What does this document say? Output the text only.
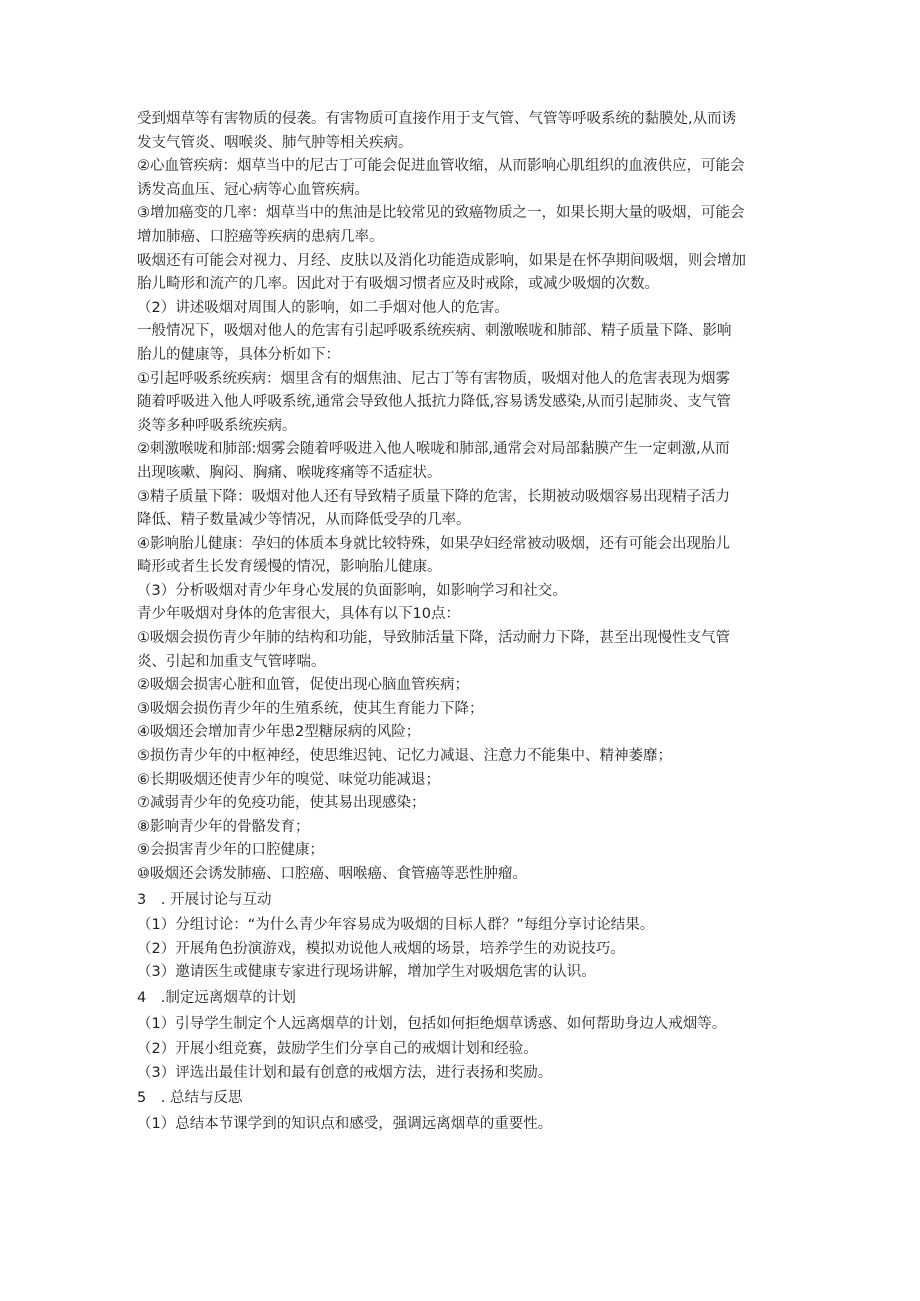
受到烟草等有害物质的侵袭。有害物质可直接作用于支气管、气管等呼吸系统的黏膜处,从而诱
发支气管炎、咽喉炎、肺气肿等相关疾病。
②心血管疾病：烟草当中的尼古丁可能会促进血管收缩，从而影响心肌组织的血液供应，可能会
诱发高血压、冠心病等心血管疾病。
③增加癌变的几率：烟草当中的焦油是比较常见的致癌物质之一，如果长期大量的吸烟，可能会
增加肺癌、口腔癌等疾病的患病几率。
吸烟还有可能会对视力、月经、皮肤以及消化功能造成影响，如果是在怀孕期间吸烟，则会增加
胎儿畸形和流产的几率。因此对于有吸烟习惯者应及时戒除，或减少吸烟的次数。
（2）讲述吸烟对周围人的影响，如二手烟对他人的危害。
一般情况下，吸烟对他人的危害有引起呼吸系统疾病、刺激喉咙和肺部、精子质量下降、影响
胎儿的健康等，具体分析如下：
①引起呼吸系统疾病：烟里含有的烟焦油、尼古丁等有害物质，吸烟对他人的危害表现为烟雾
随着呼吸进入他人呼吸系统,通常会导致他人抵抗力降低,容易诱发感染,从而引起肺炎、支气管
炎等多种呼吸系统疾病。
②刺激喉咙和肺部:烟雾会随着呼吸进入他人喉咙和肺部,通常会对局部黏膜产生一定刺激,从而
出现咳嗽、胸闷、胸痛、喉咙疼痛等不适症状。
③精子质量下降：吸烟对他人还有导致精子质量下降的危害，长期被动吸烟容易出现精子活力
降低、精子数量减少等情况，从而降低受孕的几率。
④影响胎儿健康：孕妇的体质本身就比较特殊，如果孕妇经常被动吸烟，还有可能会出现胎儿
畸形或者生长发育缓慢的情况，影响胎儿健康。
（3）分析吸烟对青少年身心发展的负面影响，如影响学习和社交。
青少年吸烟对身体的危害很大，具体有以下10点：
①吸烟会损伤青少年肺的结构和功能，导致肺活量下降，活动耐力下降，甚至出现慢性支气管
炎、引起和加重支气管哮喘。
②吸烟会损害心脏和血管，促使出现心脑血管疾病；
③吸烟会损伤青少年的生殖系统，使其生育能力下降；
④吸烟还会增加青少年患2型糖尿病的风险；
⑤损伤青少年的中枢神经，使思维迟钝、记忆力减退、注意力不能集中、精神萎靡；
⑥长期吸烟还使青少年的嗅觉、味觉功能减退；
⑦减弱青少年的免疫功能，使其易出现感染；
⑧影响青少年的骨骼发育；
⑨会损害青少年的口腔健康；
⑩吸烟还会诱发肺癌、口腔癌、咽喉癌、食管癌等恶性肿瘤。
3　. 开展讨论与互动
（1）分组讨论：“为什么青少年容易成为吸烟的目标人群？”每组分享讨论结果。
（2）开展角色扮演游戏，模拟劝说他人戒烟的场景，培养学生的劝说技巧。
（3）邀请医生或健康专家进行现场讲解，增加学生对吸烟危害的认识。
4　.制定远离烟草的计划
（1）引导学生制定个人远离烟草的计划，包括如何拒绝烟草诱惑、如何帮助身边人戒烟等。
（2）开展小组竞赛，鼓励学生们分享自己的戒烟计划和经验。
（3）评选出最佳计划和最有创意的戒烟方法，进行表扬和奖励。
5　. 总结与反思
（1）总结本节课学到的知识点和感受，强调远离烟草的重要性。
